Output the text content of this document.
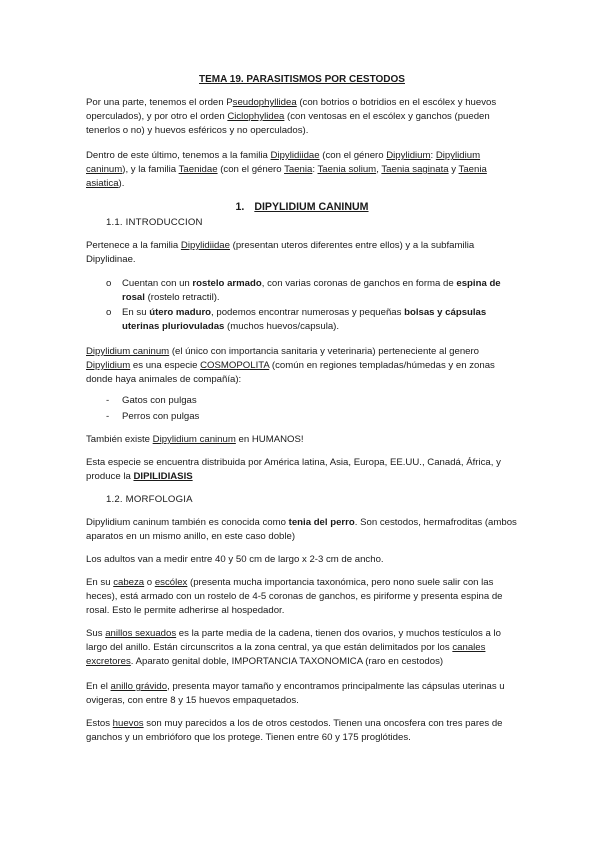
TEMA 19. PARASITISMOS POR CESTODOS

Por una parte, tenemos el orden Pseudophyllidea (con botrios o botridios en el escólex y huevos operculados), y por otro el orden Ciclophylidea (con ventosas en el escólex y ganchos (pueden tenerlos o no) y huevos esféricos y no operculados).

Dentro de este último, tenemos a la familia Dipylidiidae (con el género Dipylidium: Dipylidium caninum), y la familia Taenidae (con el género Taenia: Taenia solium, Taenia saginata y Taenia asiatica).

1. DIPYLIDIUM CANINUM

1.1. INTRODUCCION

Pertenece a la familia Dipylidiidae (presentan uteros diferentes entre ellos) y a la subfamilia Dipylidinae.

o Cuentan con un rostelo armado, con varias coronas de ganchos en forma de espina de rosal (rostelo retractil).
o En su útero maduro, podemos encontrar numerosas y pequeñas bolsas y cápsulas uterinas pluriovuladas (muchos huevos/capsula).

Dipylidium caninum (el único con importancia sanitaria y veterinaria) perteneciente al genero Dipylidium es una especie COSMOPOLITA (común en regiones templadas/húmedas y en zonas donde haya animales de compañía):

- Gatos con pulgas
- Perros con pulgas

También existe Dipylidium caninum en HUMANOS!

Esta especie se encuentra distribuida por América latina, Asia, Europa, EE.UU., Canadá, África, y produce la DIPILIDIASIS

1.2. MORFOLOGIA

Dipylidium caninum también es conocida como tenia del perro. Son cestodos, hermafroditas (ambos aparatos en un mismo anillo, en este caso doble)

Los adultos van a medir entre 40 y 50 cm de largo x 2-3 cm de ancho.

En su cabeza o escólex (presenta mucha importancia taxonómica, pero nono suele salir con las heces), está armado con un rostelo de 4-5 coronas de ganchos, es piriforme y presenta espina de rosal. Esto le permite adherirse al hospedador.

Sus anillos sexuados es la parte media de la cadena, tienen dos ovarios, y muchos testículos a lo largo del anillo. Están circunscritos a la zona central, ya que están delimitados por los canales excretores. Aparato genital doble, IMPORTANCIA TAXONOMICA (raro en cestodos)

En el anillo grávido, presenta mayor tamaño y encontramos principalmente las cápsulas uterinas u ovigeras, con entre 8 y 15 huevos empaquetados.

Estos huevos son muy parecidos a los de otros cestodos. Tienen una oncosfera con tres pares de ganchos y un embrióforo que los protege. Tienen entre 60 y 175 proglótides.
